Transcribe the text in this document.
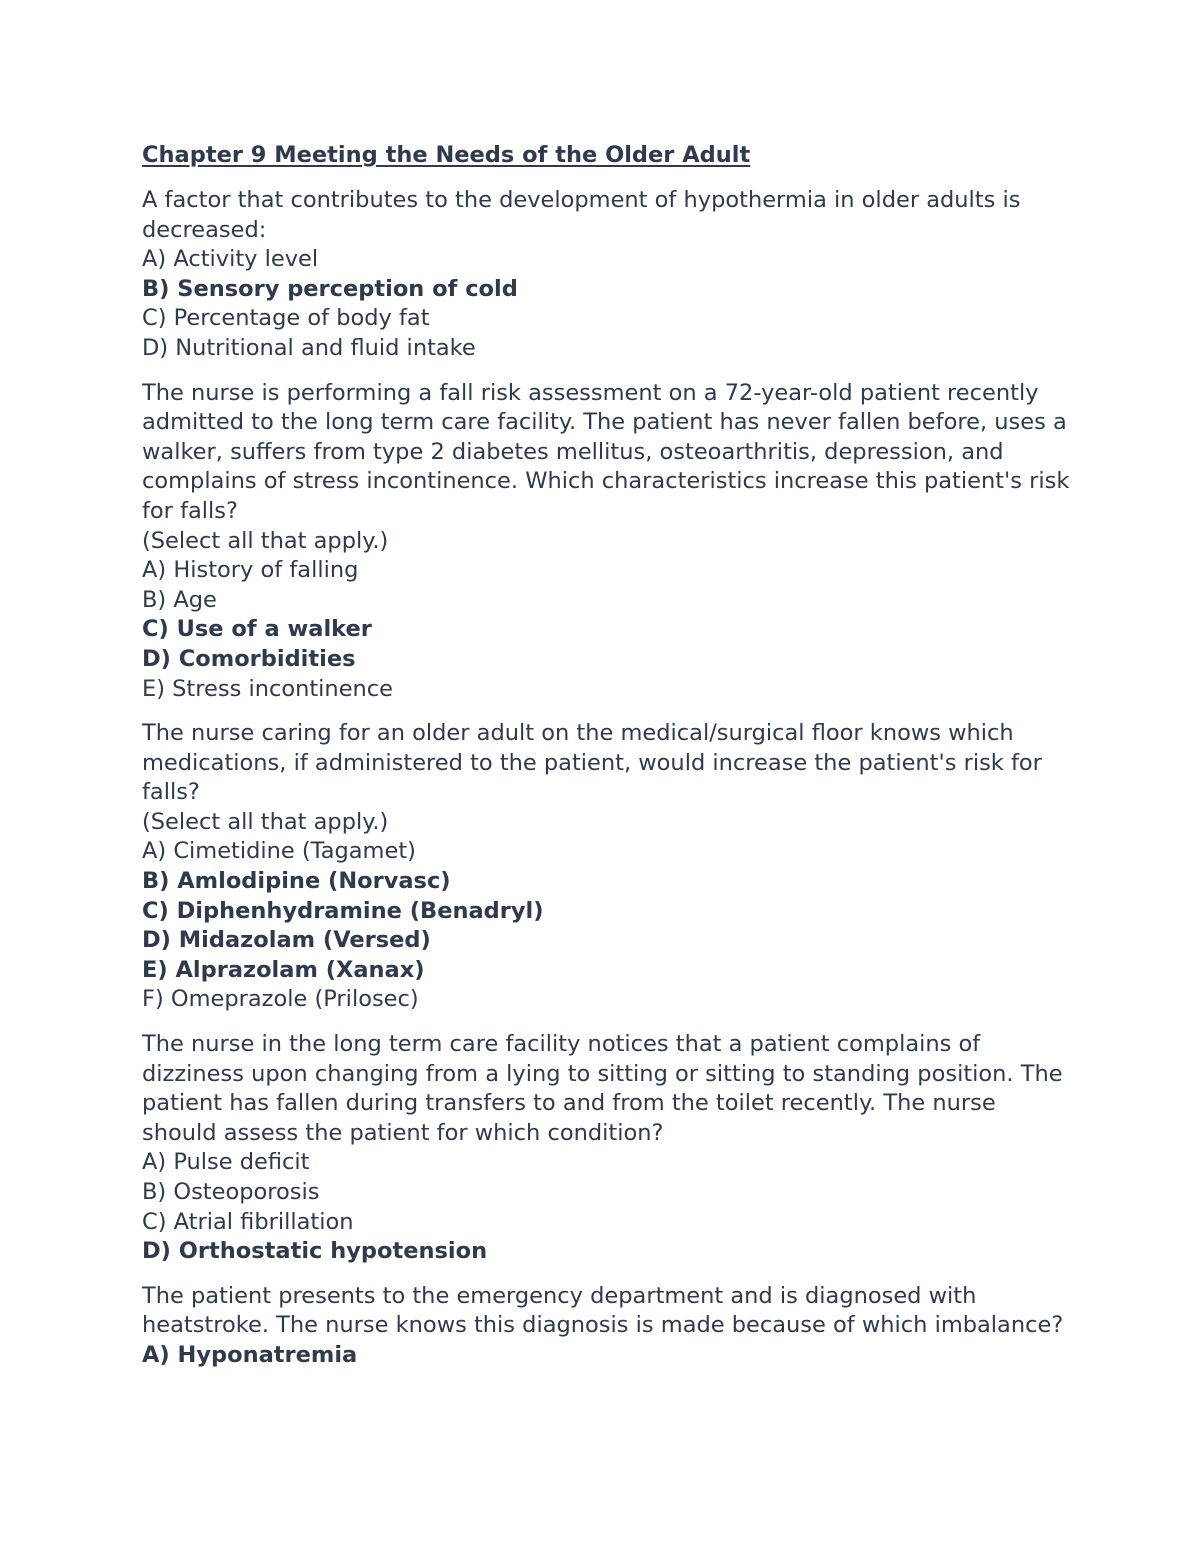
Chapter 9 Meeting the Needs of the Older Adult
A factor that contributes to the development of hypothermia in older adults is decreased:
A) Activity level
B) Sensory perception of cold
C) Percentage of body fat
D) Nutritional and fluid intake
The nurse is performing a fall risk assessment on a 72-year-old patient recently admitted to the long term care facility. The patient has never fallen before, uses a walker, suffers from type 2 diabetes mellitus, osteoarthritis, depression, and complains of stress incontinence. Which characteristics increase this patient's risk for falls?
(Select all that apply.)
A) History of falling
B) Age
C) Use of a walker
D) Comorbidities
E) Stress incontinence
The nurse caring for an older adult on the medical/surgical floor knows which medications, if administered to the patient, would increase the patient's risk for falls?
(Select all that apply.)
A) Cimetidine (Tagamet)
B) Amlodipine (Norvasc)
C) Diphenhydramine (Benadryl)
D) Midazolam (Versed)
E) Alprazolam (Xanax)
F) Omeprazole (Prilosec)
The nurse in the long term care facility notices that a patient complains of dizziness upon changing from a lying to sitting or sitting to standing position. The patient has fallen during transfers to and from the toilet recently. The nurse should assess the patient for which condition?
A) Pulse deficit
B) Osteoporosis
C) Atrial fibrillation
D) Orthostatic hypotension
The patient presents to the emergency department and is diagnosed with heatstroke. The nurse knows this diagnosis is made because of which imbalance?
A) Hyponatremia
